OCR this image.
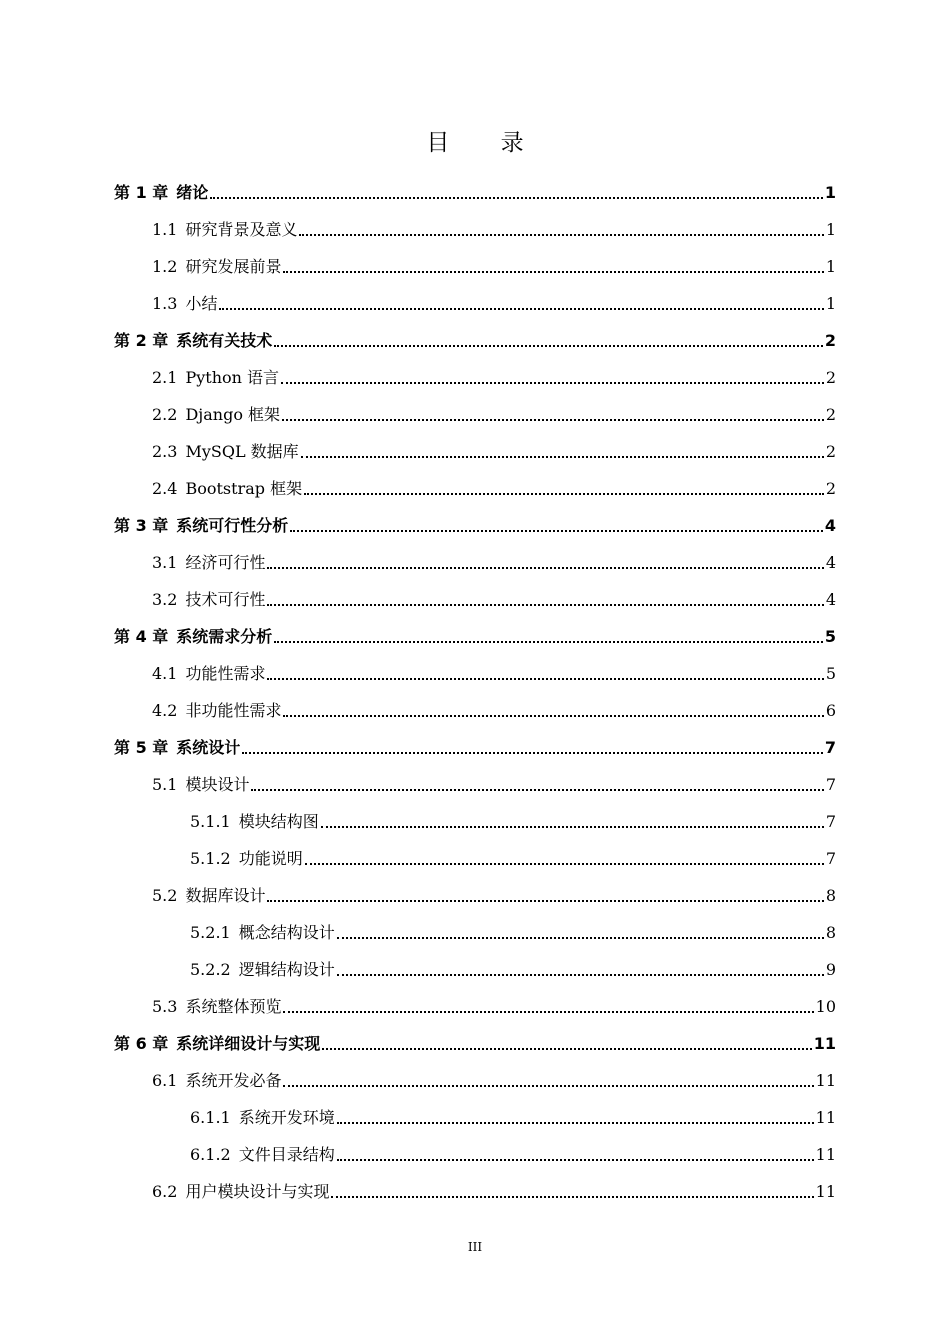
目 录
第 1 章 绪论	1
1.1 研究背景及意义	1
1.2 研究发展前景	1
1.3 小结	1
第 2 章 系统有关技术	2
2.1 Python 语言	2
2.2 Django 框架	2
2.3 MySQL 数据库	2
2.4 Bootstrap 框架	2
第 3 章 系统可行性分析	4
3.1 经济可行性	4
3.2 技术可行性	4
第 4 章 系统需求分析	5
4.1 功能性需求	5
4.2 非功能性需求	6
第 5 章 系统设计	7
5.1 模块设计	7
5.1.1 模块结构图	7
5.1.2 功能说明	7
5.2 数据库设计	8
5.2.1 概念结构设计	8
5.2.2 逻辑结构设计	9
5.3 系统整体预览	10
第 6 章 系统详细设计与实现	11
6.1 系统开发必备	11
6.1.1 系统开发环境	11
6.1.2 文件目录结构	11
6.2 用户模块设计与实现	11
III
